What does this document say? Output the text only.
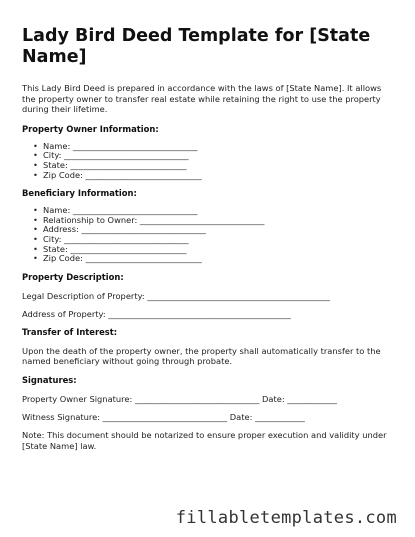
Lady Bird Deed Template for [State Name]
This Lady Bird Deed is prepared in accordance with the laws of [State Name]. It allows the property owner to transfer real estate while retaining the right to use the property during their lifetime.
Property Owner Information:
• Name: ______________________________
• City: ______________________________
• State: ____________________________
• Zip Code: ____________________________
Beneficiary Information:
• Name: ______________________________
• Relationship to Owner: ______________________________
• Address: ______________________________
• City: ______________________________
• State: ____________________________
• Zip Code: ____________________________
Property Description:
Legal Description of Property: ____________________________________________
Address of Property: ____________________________________________
Transfer of Interest:
Upon the death of the property owner, the property shall automatically transfer to the named beneficiary without going through probate.
Signatures:
Property Owner Signature: ______________________________ Date: ____________
Witness Signature: ______________________________ Date: ____________
Note: This document should be notarized to ensure proper execution and validity under [State Name] law.
fillabletemplates.com
